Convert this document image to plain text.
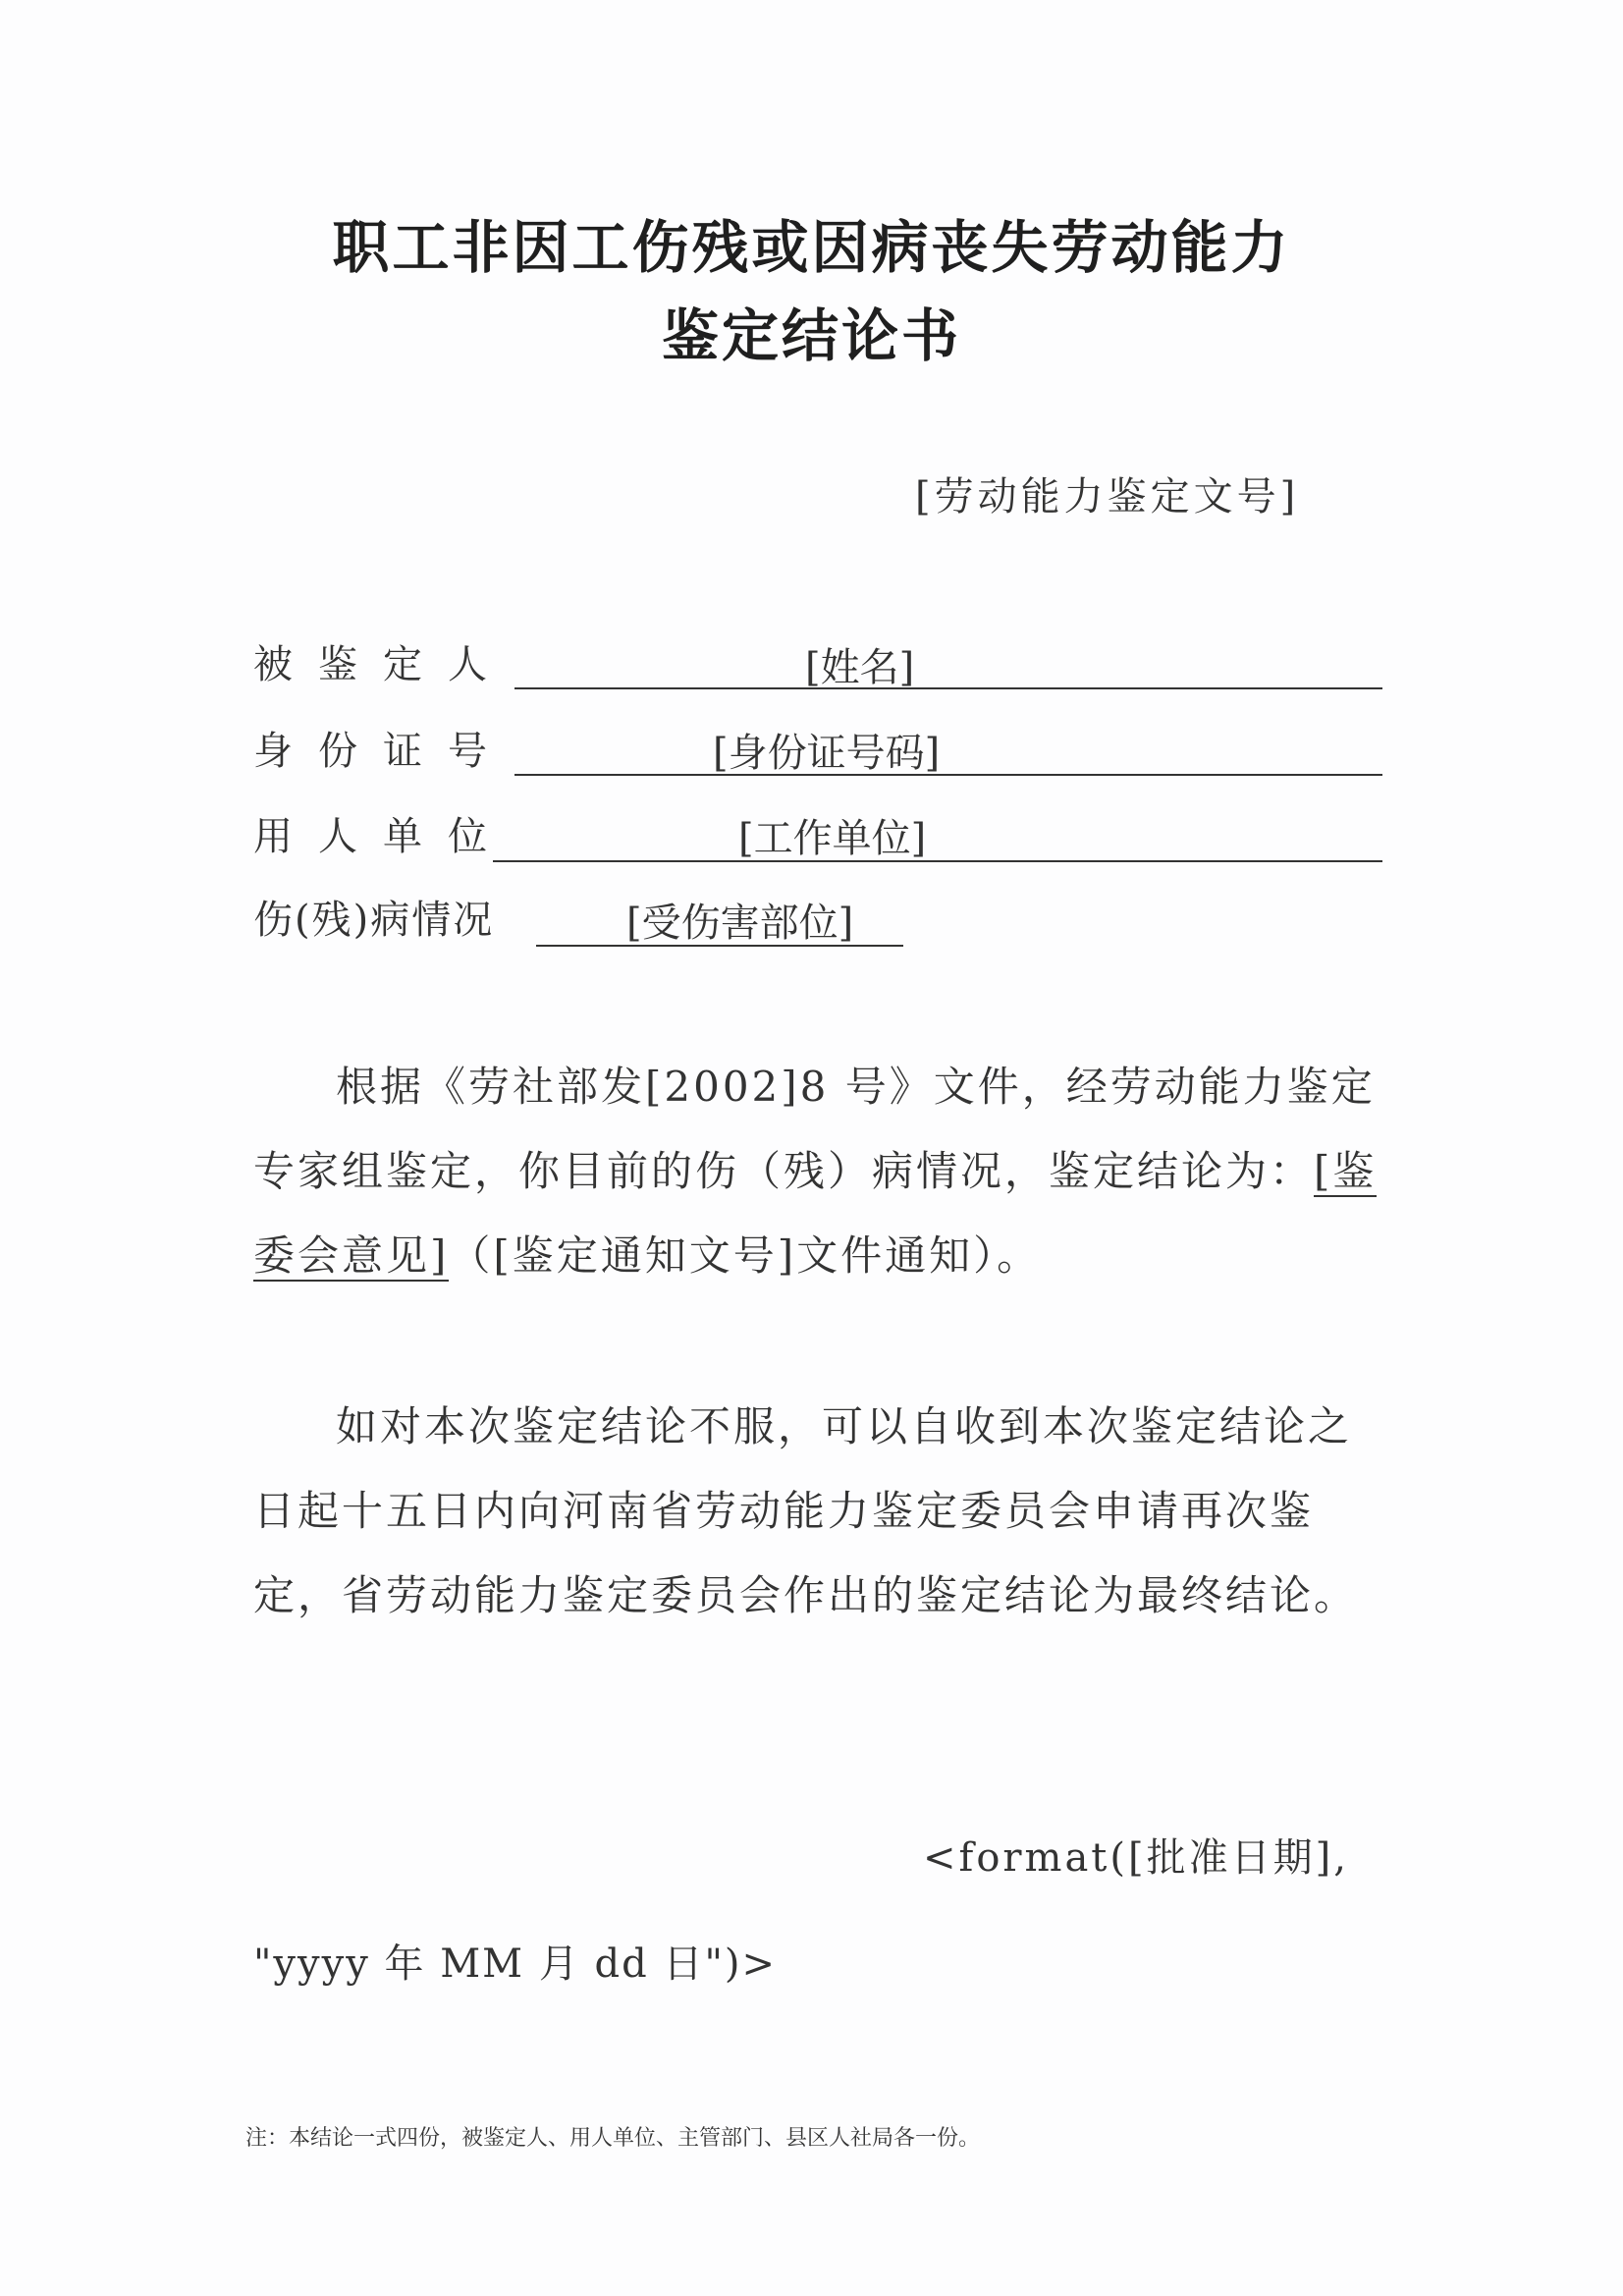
职工非因工伤残或因病丧失劳动能力
鉴定结论书
[劳动能力鉴定文号]
被鉴定人	[姓名]
身份证号	[身份证号码]
用人单位	[工作单位]
伤(残)病情况	[受伤害部位]
根据《劳社部发[2002]8 号》文件，经劳动能力鉴定专家组鉴定，你目前的伤（残）病情况，鉴定结论为：[鉴委会意见]（[鉴定通知文号]文件通知）。
如对本次鉴定结论不服，可以自收到本次鉴定结论之日起十五日内向河南省劳动能力鉴定委员会申请再次鉴定，省劳动能力鉴定委员会作出的鉴定结论为最终结论。
<format([批准日期],
"yyyy 年 MM 月 dd 日")>
注：本结论一式四份，被鉴定人、用人单位、主管部门、县区人社局各一份。
